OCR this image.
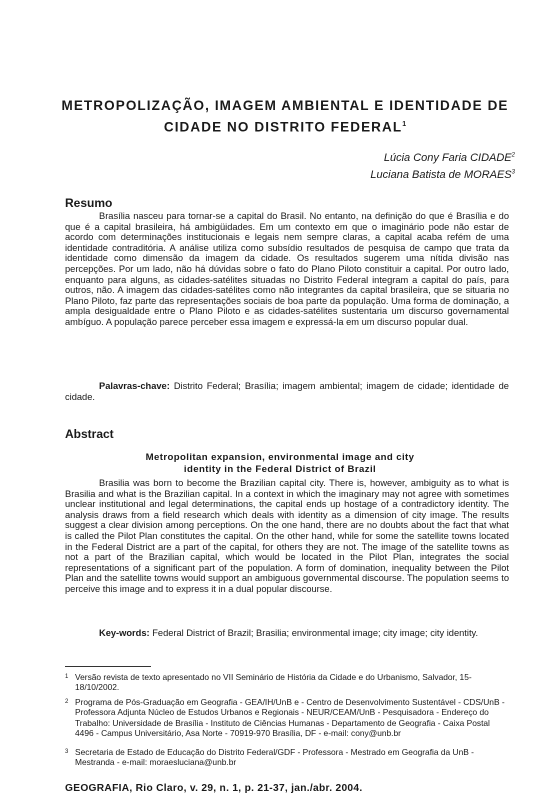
METROPOLIZAÇÃO, IMAGEM AMBIENTAL E IDENTIDADE DE
CIDADE NO DISTRITO FEDERAL$^1$
Lúcia Cony Faria CIDADE$^2$
Luciana Batista de MORAES$^3$
Resumo
Brasília nasceu para tornar-se a capital do Brasil. No entanto, na definição do que é Brasília e do que é a capital brasileira, há ambigüidades. Em um contexto em que o imaginário pode não estar de acordo com determinações institucionais e legais nem sempre claras, a capital acaba refém de uma identidade contraditória. A análise utiliza como subsídio resultados de pesquisa de campo que trata da identidade como dimensão da imagem da cidade. Os resultados sugerem uma nítida divisão nas percepções. Por um lado, não há dúvidas sobre o fato do Plano Piloto constituir a capital. Por outro lado, enquanto para alguns, as cidades-satélites situadas no Distrito Federal integram a capital do país, para outros, não. A imagem das cidades-satélites como não integrantes da capital brasileira, que se situaria no Plano Piloto, faz parte das representações sociais de boa parte da população. Uma forma de dominação, a ampla desigualdade entre o Plano Piloto e as cidades-satélites sustentaria um discurso governamental ambíguo. A população parece perceber essa imagem e expressá-la em um discurso popular dual.
Palavras-chave: Distrito Federal; Brasília; imagem ambiental; imagem de cidade; identidade de cidade.
Abstract
Metropolitan expansion, environmental image and city
identity in the Federal District of Brazil
Brasilia was born to become the Brazilian capital city. There is, however, ambiguity as to what is Brasilia and what is the Brazilian capital. In a context in which the imaginary may not agree with sometimes unclear institutional and legal determinations, the capital ends up hostage of a contradictory identity. The analysis draws from a field research which deals with identity as a dimension of city image. The results suggest a clear division among perceptions. On the one hand, there are no doubts about the fact that what is called the Pilot Plan constitutes the capital. On the other hand, while for some the satellite towns located in the Federal District are a part of the capital, for others they are not. The image of the satellite towns as not a part of the Brazilian capital, which would be located in the Pilot Plan, integrates the social representations of a significant part of the population. A form of domination, inequality between the Pilot Plan and the satellite towns would support an ambiguous governmental discourse. The population seems to perceive this image and to express it in a dual popular discourse.
Key-words: Federal District of Brazil; Brasilia; environmental image; city image; city identity.
1 Versão revista de texto apresentado no VII Seminário de História da Cidade e do Urbanismo, Salvador, 15-18/10/2002.
2 Programa de Pós-Graduação em Geografia - GEA/IH/UnB e - Centro de Desenvolvimento Sustentável - CDS/UnB - Professora Adjunta Núcleo de Estudos Urbanos e Regionais - NEUR/CEAM/UnB - Pesquisadora - Endereço do Trabalho: Universidade de Brasília - Instituto de Ciências Humanas - Departamento de Geografia - Caixa Postal 4496 - Campus Universitário, Asa Norte - 70919-970 Brasília, DF - e-mail: cony@unb.br
3 Secretaria de Estado de Educação do Distrito Federal/GDF - Professora - Mestrado em Geografia da UnB - Mestranda - e-mail: moraesluciana@unb.br
GEOGRAFIA, Rio Claro, v. 29, n. 1, p. 21-37, jan./abr. 2004.
